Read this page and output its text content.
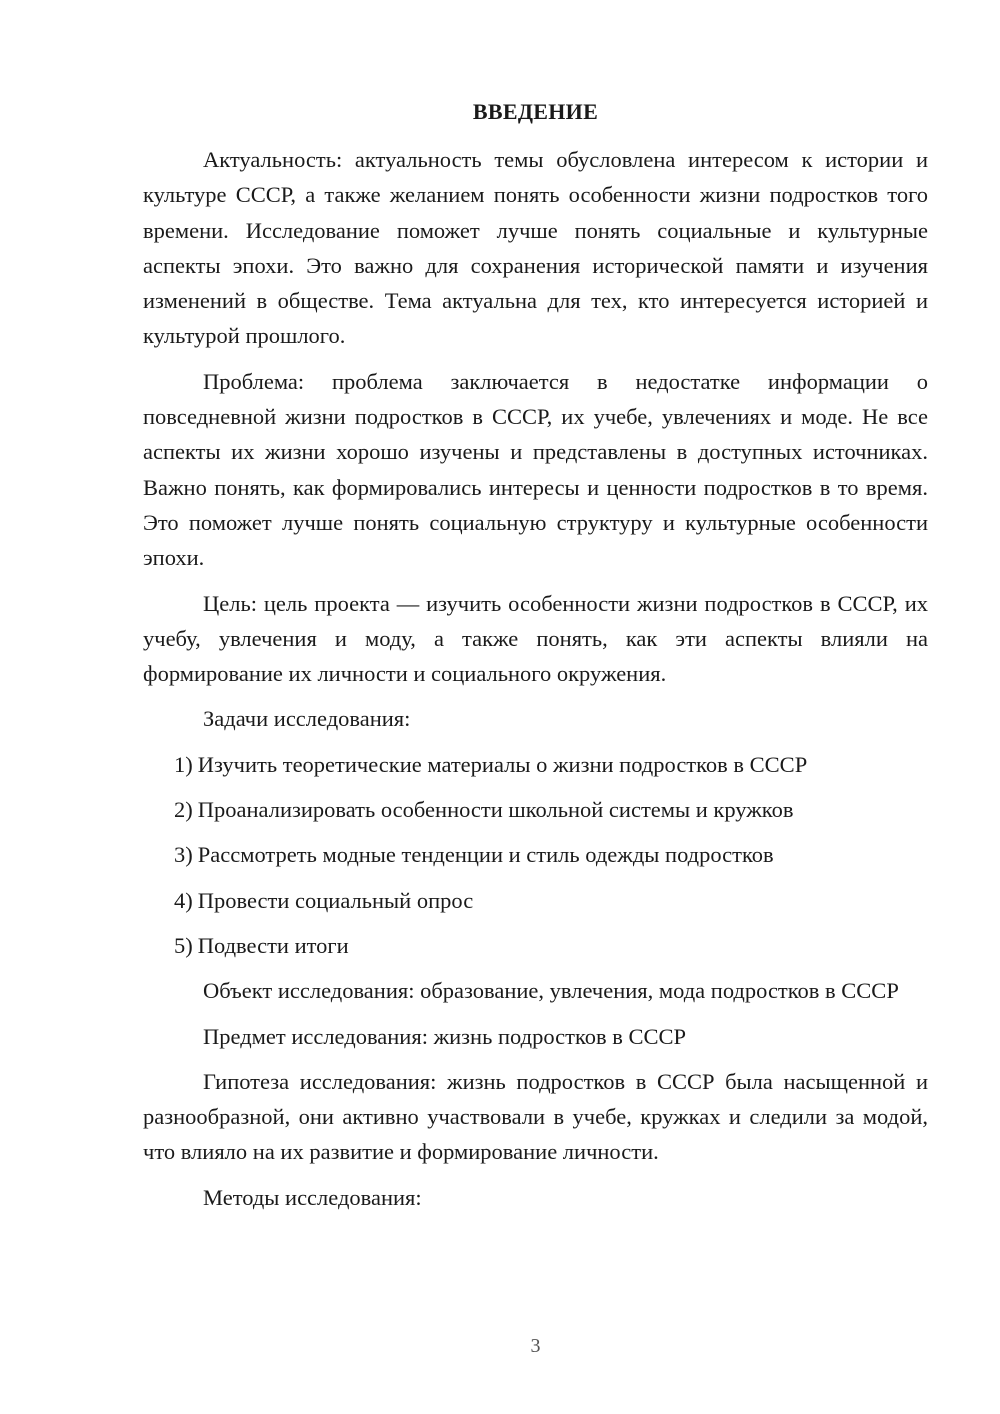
ВВЕДЕНИЕ

Актуальность: актуальность темы обусловлена интересом к истории и культуре СССР, а также желанием понять особенности жизни подростков того времени. Исследование поможет лучше понять социальные и культурные аспекты эпохи. Это важно для сохранения исторической памяти и изучения изменений в обществе. Тема актуальна для тех, кто интересуется историей и культурой прошлого.

Проблема: проблема заключается в недостатке информации о повседневной жизни подростков в СССР, их учебе, увлечениях и моде. Не все аспекты их жизни хорошо изучены и представлены в доступных источниках. Важно понять, как формировались интересы и ценности подростков в то время. Это поможет лучше понять социальную структуру и культурные особенности эпохи.

Цель: цель проекта — изучить особенности жизни подростков в СССР, их учебу, увлечения и моду, а также понять, как эти аспекты влияли на формирование их личности и социального окружения.

Задачи исследования:

1) Изучить теоретические материалы о жизни подростков в СССР
2) Проанализировать особенности школьной системы и кружков
3) Рассмотреть модные тенденции и стиль одежды подростков
4) Провести социальный опрос
5) Подвести итоги

Объект исследования: образование, увлечения, мода подростков в СССР

Предмет исследования: жизнь подростков в СССР

Гипотеза исследования: жизнь подростков в СССР была насыщенной и разнообразной, они активно участвовали в учебе, кружках и следили за модой, что влияло на их развитие и формирование личности.

Методы исследования:

3
